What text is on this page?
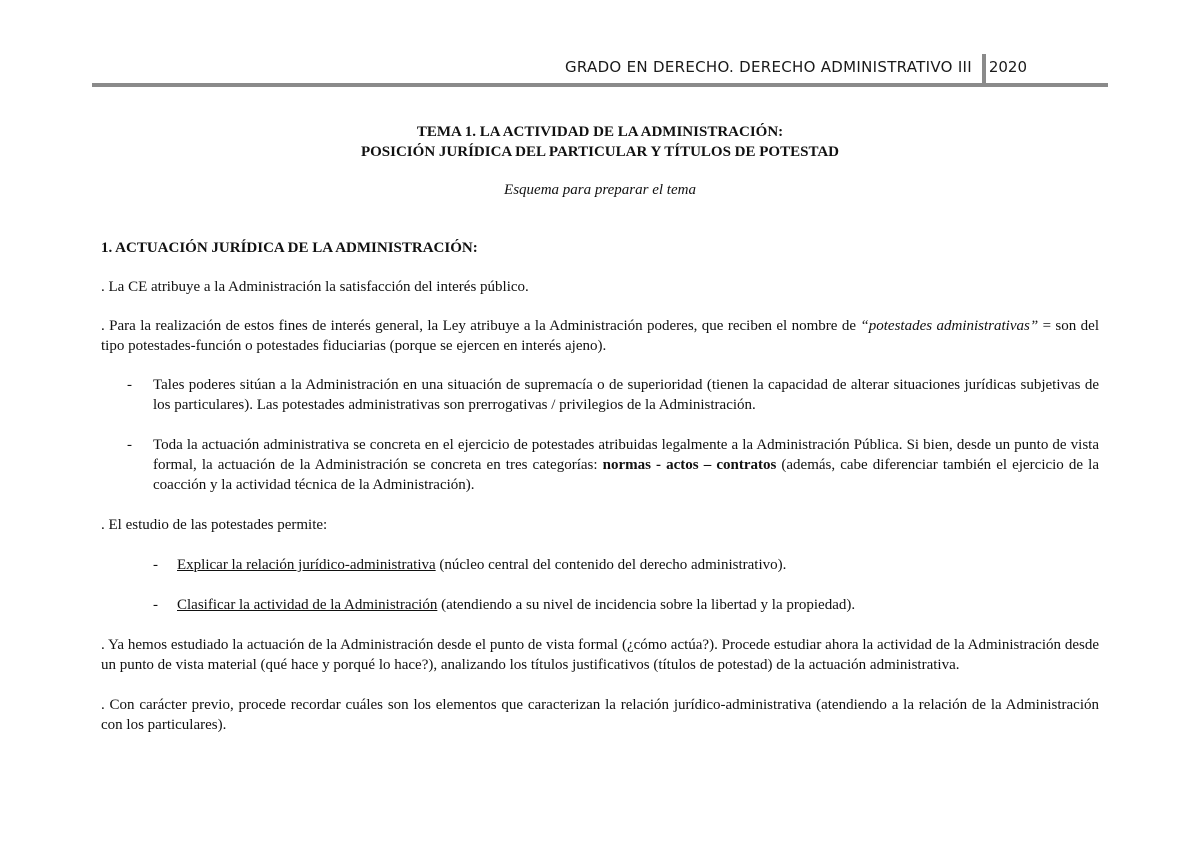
GRADO EN DERECHO. DERECHO ADMINISTRATIVO III 2020
TEMA 1. LA ACTIVIDAD DE LA ADMINISTRACIÓN:
POSICIÓN JURÍDICA DEL PARTICULAR Y TÍTULOS DE POTESTAD
Esquema para preparar el tema
1. ACTUACIÓN JURÍDICA DE LA ADMINISTRACIÓN:

. La CE atribuye a la Administración la satisfacción del interés público.

. Para la realización de estos fines de interés general, la Ley atribuye a la Administración poderes, que reciben el nombre de “potestades administrativas” = son del tipo potestades-función o potestades fiduciarias (porque se ejercen en interés ajeno).

- Tales poderes sitúan a la Administración en una situación de supremacía o de superioridad (tienen la capacidad de alterar situaciones jurídicas subjetivas de los particulares). Las potestades administrativas son prerrogativas / privilegios de la Administración.
- Toda la actuación administrativa se concreta en el ejercicio de potestades atribuidas legalmente a la Administración Pública. Si bien, desde un punto de vista formal, la actuación de la Administración se concreta en tres categorías: normas - actos – contratos (además, cabe diferenciar también el ejercicio de la coacción y la actividad técnica de la Administración).

. El estudio de las potestades permite:

- Explicar la relación jurídico-administrativa (núcleo central del contenido del derecho administrativo).
- Clasificar la actividad de la Administración (atendiendo a su nivel de incidencia sobre la libertad y la propiedad).

. Ya hemos estudiado la actuación de la Administración desde el punto de vista formal (¿cómo actúa?). Procede estudiar ahora la actividad de la Administración desde un punto de vista material (qué hace y porqué lo hace?), analizando los títulos justificativos (títulos de potestad) de la actuación administrativa.

. Con carácter previo, procede recordar cuáles son los elementos que caracterizan la relación jurídico-administrativa (atendiendo a la relación de la Administración con los particulares).
